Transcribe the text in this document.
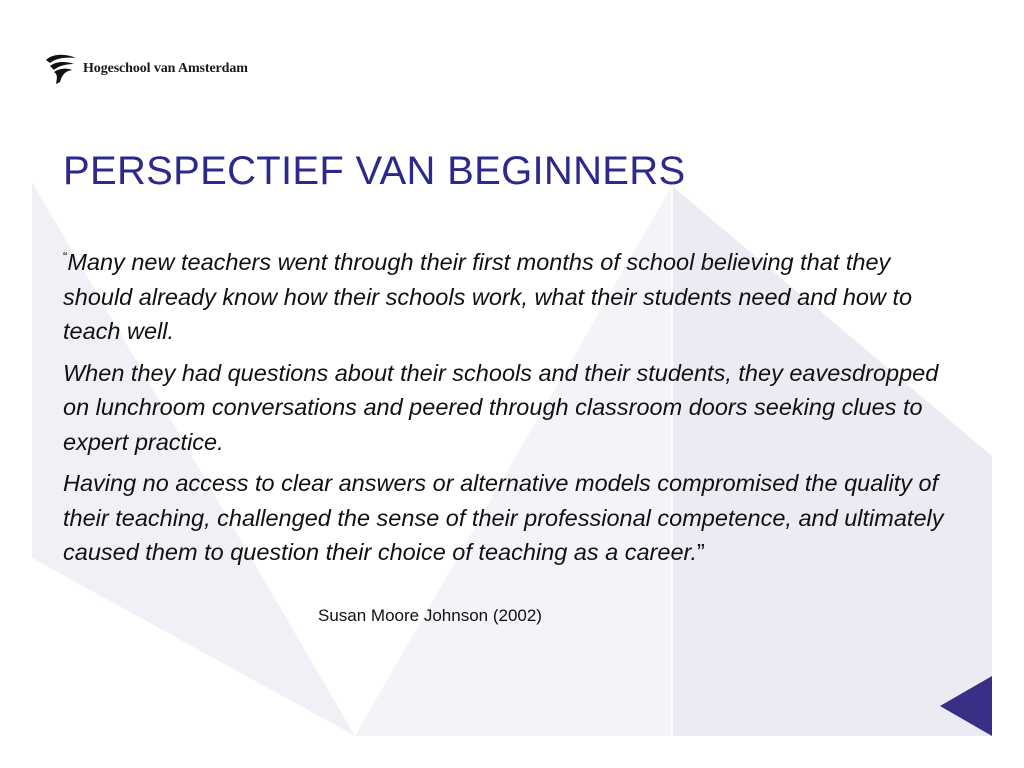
Hogeschool van Amsterdam
PERSPECTIEF VAN BEGINNERS

“Many new teachers went through their first months of school believing that they should already know how their schools work, what their students need and how to teach well.

When they had questions about their schools and their students, they eavesdropped on lunchroom conversations and peered through classroom doors seeking clues to expert practice.

Having no access to clear answers or alternative models compromised the quality of their teaching, challenged the sense of their professional competence, and ultimately caused them to question their choice of teaching as a career.”

Susan Moore Johnson (2002)
